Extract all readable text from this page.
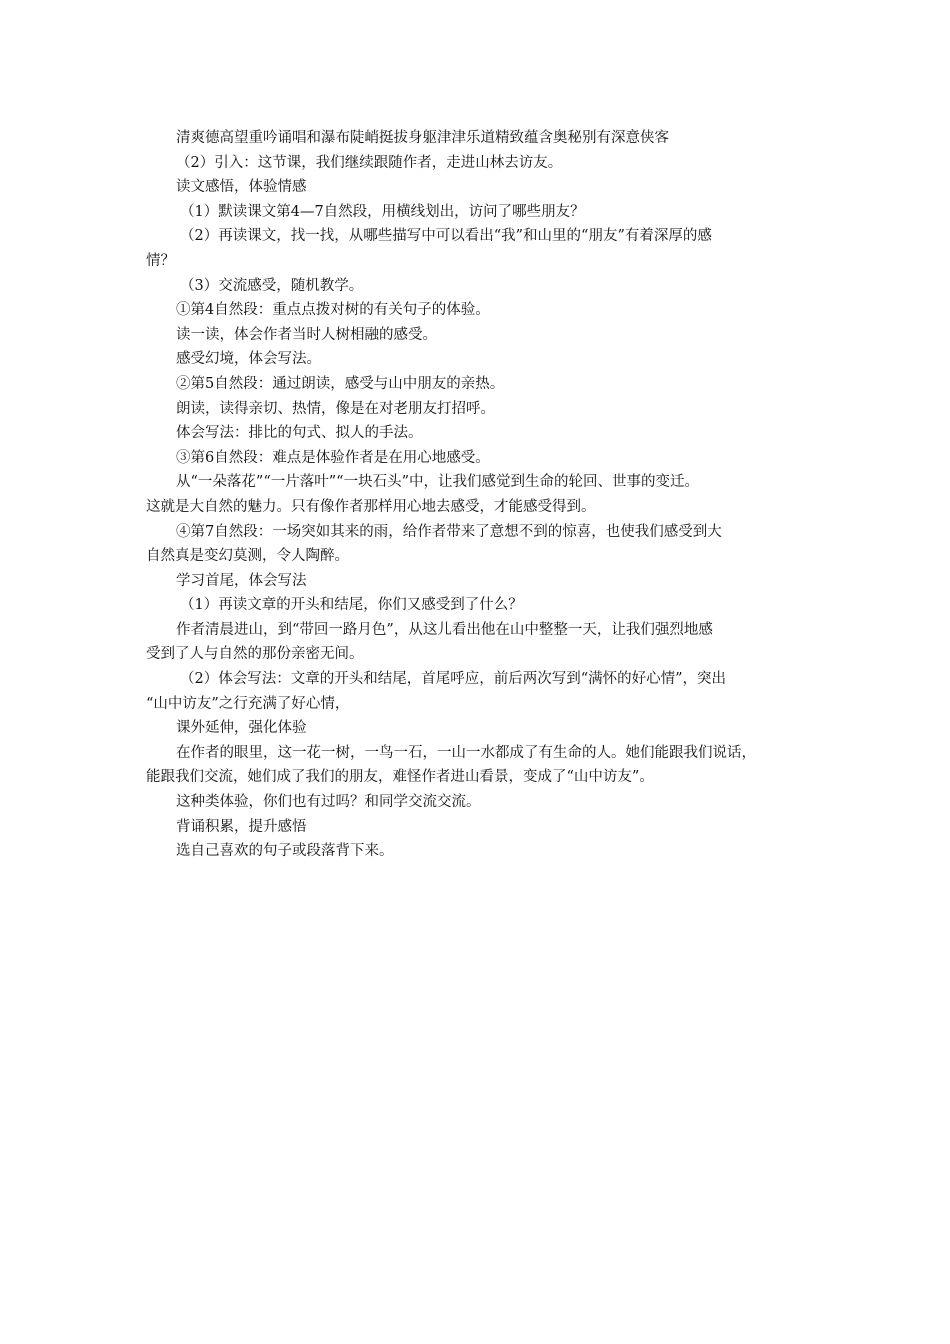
清爽德高望重吟诵唱和瀑布陡峭挺拔身躯津津乐道精致蕴含奥秘别有深意侠客
（2）引入：这节课，我们继续跟随作者，走进山林去访友。
读文感悟，体验情感
（1）默读课文第4—7自然段，用横线划出，访问了哪些朋友？
（2）再读课文，找一找，从哪些描写中可以看出“我”和山里的“朋友”有着深厚的感
情？
（3）交流感受，随机教学。
①第4自然段：重点点拨对树的有关句子的体验。
读一读，体会作者当时人树相融的感受。
感受幻境，体会写法。
②第5自然段：通过朗读，感受与山中朋友的亲热。
朗读，读得亲切、热情，像是在对老朋友打招呼。
体会写法：排比的句式、拟人的手法。
③第6自然段：难点是体验作者是在用心地感受。
从“一朵落花”“一片落叶”“一块石头”中，让我们感觉到生命的轮回、世事的变迁。
这就是大自然的魅力。只有像作者那样用心地去感受，才能感受得到。
④第7自然段：一场突如其来的雨，给作者带来了意想不到的惊喜，也使我们感受到大
自然真是变幻莫测，令人陶醉。
学习首尾，体会写法
（1）再读文章的开头和结尾，你们又感受到了什么？
作者清晨进山，到“带回一路月色”，从这儿看出他在山中整整一天，让我们强烈地感
受到了人与自然的那份亲密无间。
（2）体会写法：文章的开头和结尾，首尾呼应，前后两次写到“满怀的好心情”，突出
“山中访友”之行充满了好心情，
课外延伸，强化体验
在作者的眼里，这一花一树，一鸟一石，一山一水都成了有生命的人。她们能跟我们说话，
能跟我们交流，她们成了我们的朋友，难怪作者进山看景，变成了“山中访友”。
这种类体验，你们也有过吗？和同学交流交流。
背诵积累，提升感悟
选自己喜欢的句子或段落背下来。
